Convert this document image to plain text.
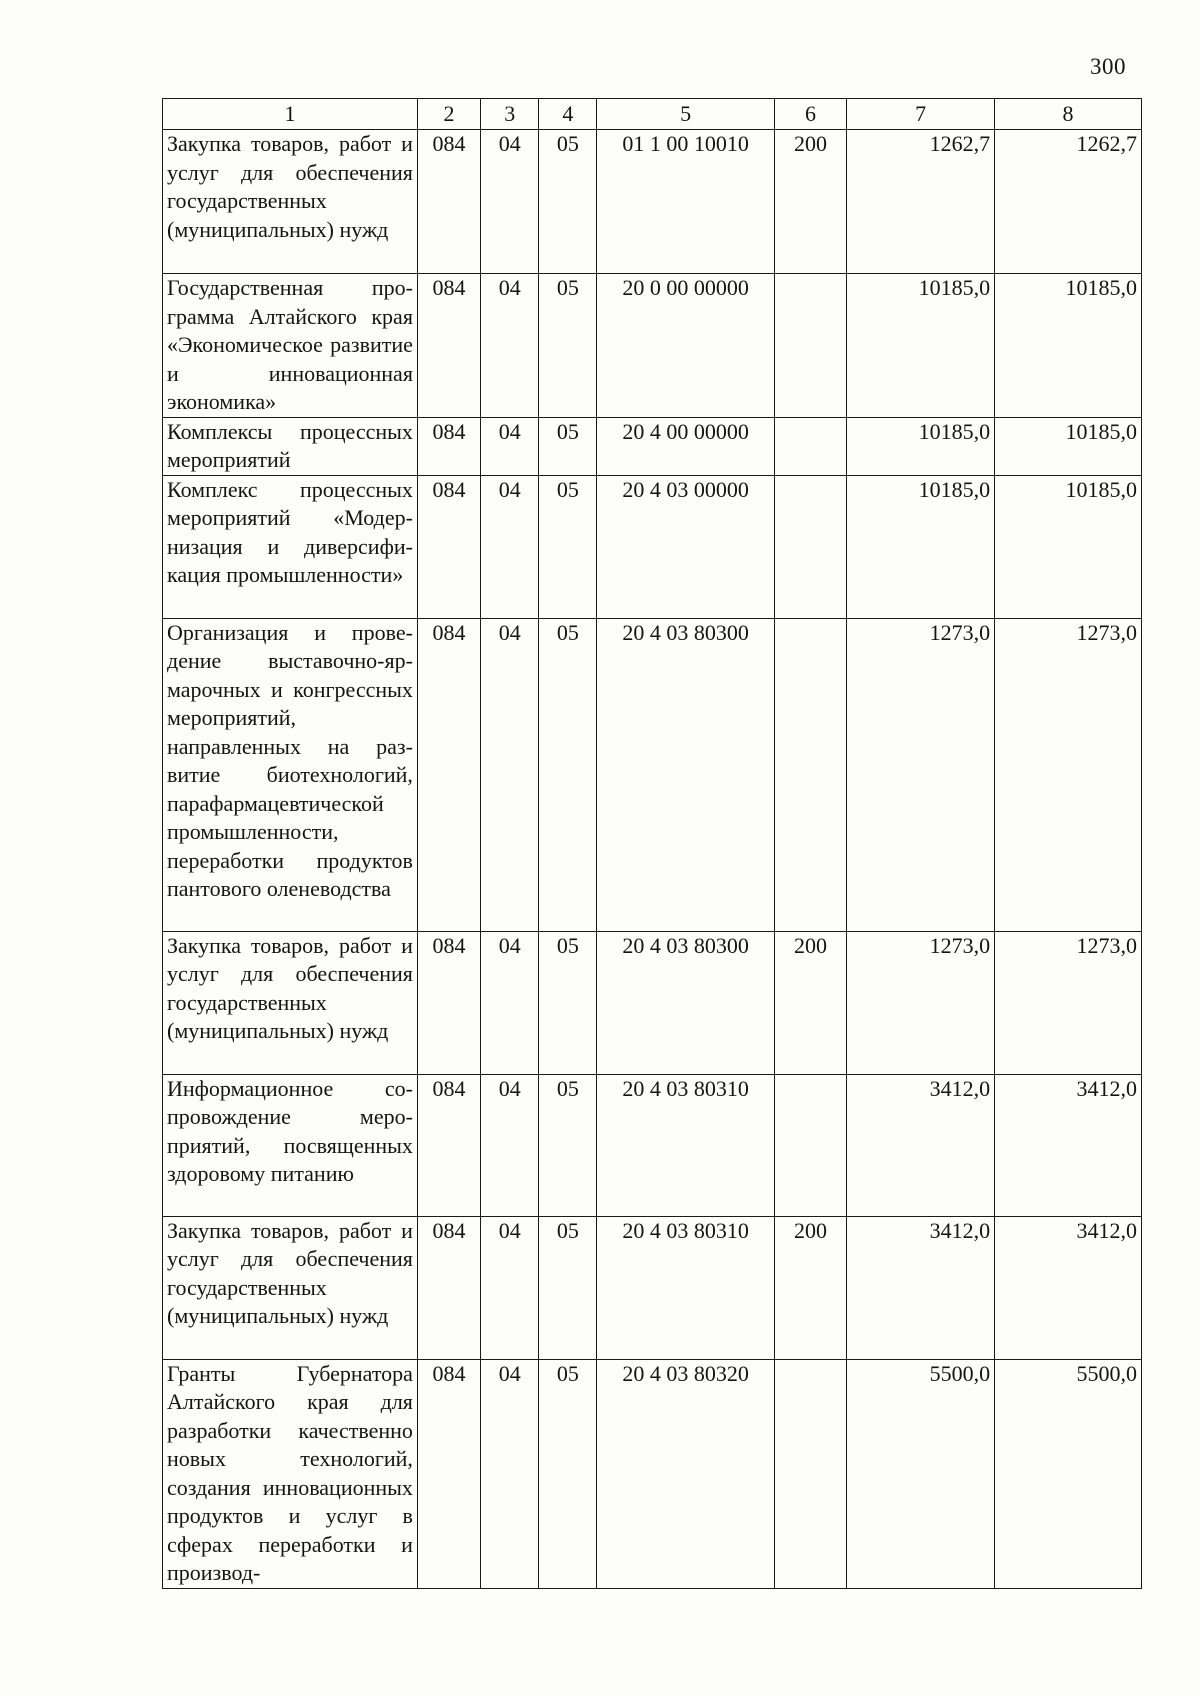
300
1	2	3	4	5	6	7	8
Закупка товаров, работ и услуг для обеспечения государственных (муниципальных) нужд	084	04	05	01 1 00 10010	200	1262,7	1262,7
Государственная программа Алтайского края «Экономическое развитие и инновационная экономика»	084	04	05	20 0 00 00000		10185,0	10185,0
Комплексы процессных мероприятий	084	04	05	20 4 00 00000		10185,0	10185,0
Комплекс процессных мероприятий «Модернизация и диверсификация промышленности»	084	04	05	20 4 03 00000		10185,0	10185,0
Организация и проведение выставочно-ярмарочных и конгрессных мероприятий, направленных на развитие биотехнологий, парафармацевтической промышленности, переработки продуктов пантового оленеводства	084	04	05	20 4 03 80300		1273,0	1273,0
Закупка товаров, работ и услуг для обеспечения государственных (муниципальных) нужд	084	04	05	20 4 03 80300	200	1273,0	1273,0
Информационное сопровождение мероприятий, посвященных здоровому питанию	084	04	05	20 4 03 80310		3412,0	3412,0
Закупка товаров, работ и услуг для обеспечения государственных (муниципальных) нужд	084	04	05	20 4 03 80310	200	3412,0	3412,0
Гранты Губернатора Алтайского края для разработки качественно новых технологий, создания инновационных продуктов и услуг в сферах переработки и производ-	084	04	05	20 4 03 80320		5500,0	5500,0
